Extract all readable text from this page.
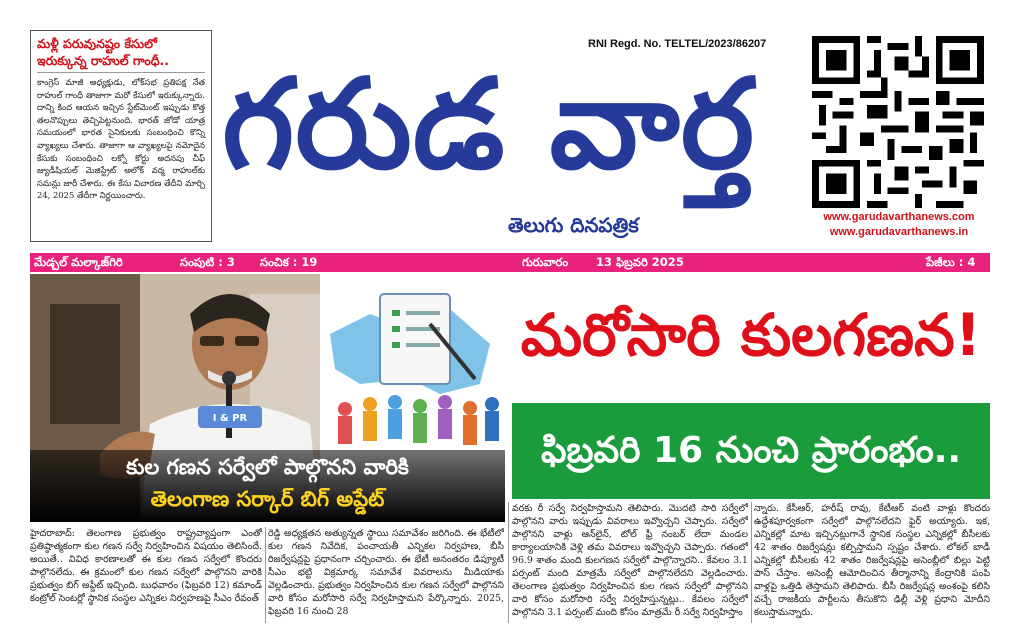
మళ్లీ పరువునష్టం కేసులో ఇరుక్కున్న రాహుల్ గాంధీ..
కాంగ్రెస్ మాజీ అధ్యక్షుడు, లోక్‌సభ ప్రతిపక్ష నేత రాహుల్ గాంధీ తాజాగా మరో కేసులో ఇరుక్కున్నారు. దాన్ని కింద ఆయన ఇచ్చిన స్టేట్‌మెంట్ ఇప్పుడు కొత్త తలనొప్పులు తెచ్చిపెట్టనుంది. భారత్ జోడో యాత్ర సమయంలో భారత సైనికులకు సంబంధించి కొన్ని వ్యాఖ్యలు చేశారు. తాజాగా ఆ వ్యాఖ్యలపై నమోదైన కేసుకు సంబంధించి లక్నో కోర్టు అదనపు చీఫ్ జ్యుడీషియల్ మెజిస్ట్రేట్ అలోక్ వర్మ రాహుల్‌కు సమన్లు జారీ చేశారు. ఈ కేసు విచారణ తేదీని మార్చి 24, 2025 తేదీగా నిర్ణయించారు.
RNI Regd. No. TELTEL/2023/86207
గరుడ వార్త
తెలుగు దినపత్రిక	www.garudavarthanews.com
www.garudavarthanews.in
మేడ్చల్ మల్కాజ్‌గిరి	సంపుటి : 3 సంచిక : 19	గురువారం 13 ఫిబ్రవరి 2025	పేజీలు : 4
I & PR
కుల గణన సర్వేలో పాల్గొనని వారికి
తెలంగాణ సర్కార్ బిగ్ అప్డేట్
మరోసారి కులగణన!
ఫిబ్రవరి 16 నుంచి ప్రారంభం..
హైదరాబాద్: తెలంగాణ ప్రభుత్వం రాష్ట్రవ్యాప్తంగా ఎంతో ప్రతిష్ఠాత్మకంగా కుల గణన సర్వే నిర్వహించిన విషయం తెలిసిందే. అయితే.. వివిధ కారణాలతో ఈ కుల గణన సర్వేలో కొందరు పాల్గొనలేదు. ఈ క్రమంలో కుల గణన సర్వేలో పాల్గొనని వారికి ప్రభుత్వం బిగ్ అప్డేట్ ఇచ్చింది. బుధవారం (ఫిబ్రవరి 12) కమాండ్ కంట్రోల్ సెంటర్లో స్థానిక సంస్థల ఎన్నికల నిర్వహణపై సీఎం రేవంత్
రెడ్డి అధ్యక్షతన అత్యున్నత స్థాయి సమావేశం జరిగింది. ఈ భేటీలో కుల గణన నివేదిక, పంచాయతీ ఎన్నికల నిర్వహణ, బీసీ రిజర్వేషన్లపై ప్రధానంగా చర్చించారు. ఈ భేటీ అనంతరం డిప్యూటీ సీఎం భట్టి విక్రమార్క సమావేశ వివరాలను మీడియాకు వెల్లడించారు. ప్రభుత్వం నిర్వహించిన కుల గణన సర్వేలో పాల్గొనని వారి కోసం మరోసారి సర్వే నిర్వహిస్తామని పేర్కొన్నారు. 2025, ఫిబ్రవరి 16 నుంచి 28
వరకు రీ సర్వే నిర్వహిస్తామని తెలిపారు. మొదటి సారి సర్వేలో పాల్గొనని వారు ఇప్పుడు వివరాలు ఇవ్వొచ్చని చెప్పారు. సర్వేలో పాల్గొనని వాళ్లు ఆన్‌లైన్, టోల్ ఫ్రీ నంబర్ లేదా మండల కార్యాలయానికి వెళ్లి తమ వివరాలు ఇవ్వొచ్చని చెప్పారు. గతంలో 96.9 శాతం మంది కులగణన సర్వేలో పాల్గొన్నారని.. కేవలం 3.1 పర్సంట్ మంది మాత్రమే సర్వేలో పాల్గొనలేదని వెల్లడించారు. తెలంగాణ ప్రభుత్వం నిర్వహించిన కుల గణన సర్వేలో పాల్గొనని వారి కోసం మరోసారి సర్వే నిర్వహిస్తున్నట్లు.. కేవలం సర్వేలో పాల్గొనని 3.1 పర్సంట్ మంది కోసం మాత్రమే రీ సర్వే నిర్వహిస్తాం
న్నారు. కేసీఆర్, హరీష్ రావు, కేటీఆర్ వంటి వాళ్లు కొందరు ఉద్దేశపూర్వకంగా సర్వేలో పాల్గొనలేదని ఫైర్ అయ్యారు. ఇక, ఎన్నికల్లో మాట ఇచ్చినట్లుగానే స్థానిక సంస్థల ఎన్నికల్లో బీసీలకు 42 శాతం రిజర్వేషన్లు కల్పిస్తామని స్పష్టం చేశారు. లోకల్ బాడీ ఎన్నికల్లో బీసీలకు 42 శాతం రిజర్వేషన్లపై అసెంబ్లీలో బిల్లు పెట్టి పాస్ చేస్తాం. అసెంబ్లీ ఆమోదించిన తీర్మానాన్ని కేంద్రానికి పంపి వాళ్లపై ఒత్తిడి తెస్తామని తెలిపారు. బీసీ రిజర్వేషన్ల అంశంపై కలిసి వచ్చే రాజకీయ పార్టీలను తీసుకొని ఢిల్లీ వెళ్లి ప్రధాని మోదీని కలుస్తామన్నారు.
